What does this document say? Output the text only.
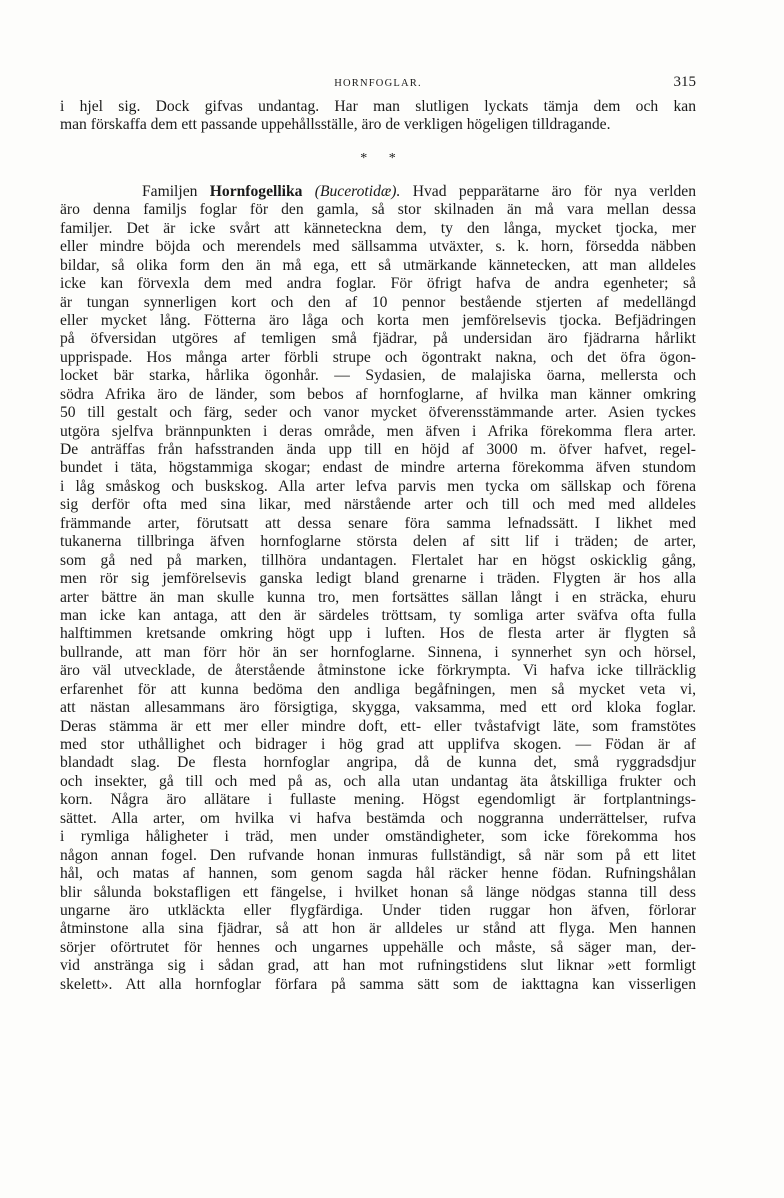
HORNFOGLAR.	315
i hjel sig. Dock gifvas undantag. Har man slutligen lyckats tämja dem och kan
man förskaffa dem ett passande uppehållsställe, äro de verkligen högeligen tilldragande.
* *
Familjen Hornfogellika (Bucerotidæ). Hvad pepparätarne äro för nya verlden
äro denna familjs foglar för den gamla, så stor skilnaden än må vara mellan dessa
familjer. Det är icke svårt att känneteckna dem, ty den långa, mycket tjocka, mer
eller mindre böjda och merendels med sällsamma utväxter, s. k. horn, försedda näbben
bildar, så olika form den än må ega, ett så utmärkande kännetecken, att man alldeles
icke kan förvexla dem med andra foglar. För öfrigt hafva de andra egenheter; så
är tungan synnerligen kort och den af 10 pennor bestående stjerten af medellängd
eller mycket lång. Fötterna äro låga och korta men jemförelsevis tjocka. Befjädringen
på öfversidan utgöres af temligen små fjädrar, på undersidan äro fjädrarna hårlikt
upprispade. Hos många arter förbli strupe och ögontrakt nakna, och det öfra ögon-
locket bär starka, hårlika ögonhår. — Sydasien, de malajiska öarna, mellersta och
södra Afrika äro de länder, som bebos af hornfoglarne, af hvilka man känner omkring
50 till gestalt och färg, seder och vanor mycket öfverensstämmande arter. Asien tyckes
utgöra sjelfva brännpunkten i deras område, men äfven i Afrika förekomma flera arter.
De anträffas från hafsstranden ända upp till en höjd af 3000 m. öfver hafvet, regel-
bundet i täta, högstammiga skogar; endast de mindre arterna förekomma äfven stundom
i låg småskog och buskskog. Alla arter lefva parvis men tycka om sällskap och förena
sig derför ofta med sina likar, med närstående arter och till och med med alldeles
främmande arter, förutsatt att dessa senare föra samma lefnadssätt. I likhet med
tukanerna tillbringa äfven hornfoglarne största delen af sitt lif i träden; de arter,
som gå ned på marken, tillhöra undantagen. Flertalet har en högst oskicklig gång,
men rör sig jemförelsevis ganska ledigt bland grenarne i träden. Flygten är hos alla
arter bättre än man skulle kunna tro, men fortsättes sällan långt i en sträcka, ehuru
man icke kan antaga, att den är särdeles tröttsam, ty somliga arter sväfva ofta fulla
halftimmen kretsande omkring högt upp i luften. Hos de flesta arter är flygten så
bullrande, att man förr hör än ser hornfoglarne. Sinnena, i synnerhet syn och hörsel,
äro väl utvecklade, de återstående åtminstone icke förkrympta. Vi hafva icke tillräcklig
erfarenhet för att kunna bedöma den andliga begåfningen, men så mycket veta vi,
att nästan allesammans äro försigtiga, skygga, vaksamma, med ett ord kloka foglar.
Deras stämma är ett mer eller mindre doft, ett- eller tvåstafvigt läte, som framstötes
med stor uthållighet och bidrager i hög grad att upplifva skogen. — Födan är af
blandadt slag. De flesta hornfoglar angripa, då de kunna det, små ryggradsdjur
och insekter, gå till och med på as, och alla utan undantag äta åtskilliga frukter och
korn. Några äro allätare i fullaste mening. Högst egendomligt är fortplantnings-
sättet. Alla arter, om hvilka vi hafva bestämda och noggranna underrättelser, rufva
i rymliga håligheter i träd, men under omständigheter, som icke förekomma hos
någon annan fogel. Den rufvande honan inmuras fullständigt, så när som på ett litet
hål, och matas af hannen, som genom sagda hål räcker henne födan. Rufningshålan
blir sålunda bokstafligen ett fängelse, i hvilket honan så länge nödgas stanna till dess
ungarne äro utkläckta eller flygfärdiga. Under tiden ruggar hon äfven, förlorar
åtminstone alla sina fjädrar, så att hon är alldeles ur stånd att flyga. Men hannen
sörjer oförtrutet för hennes och ungarnes uppehälle och måste, så säger man, der-
vid anstränga sig i sådan grad, att han mot rufningstidens slut liknar »ett formligt
skelett». Att alla hornfoglar förfara på samma sätt som de iakttagna kan visserligen
